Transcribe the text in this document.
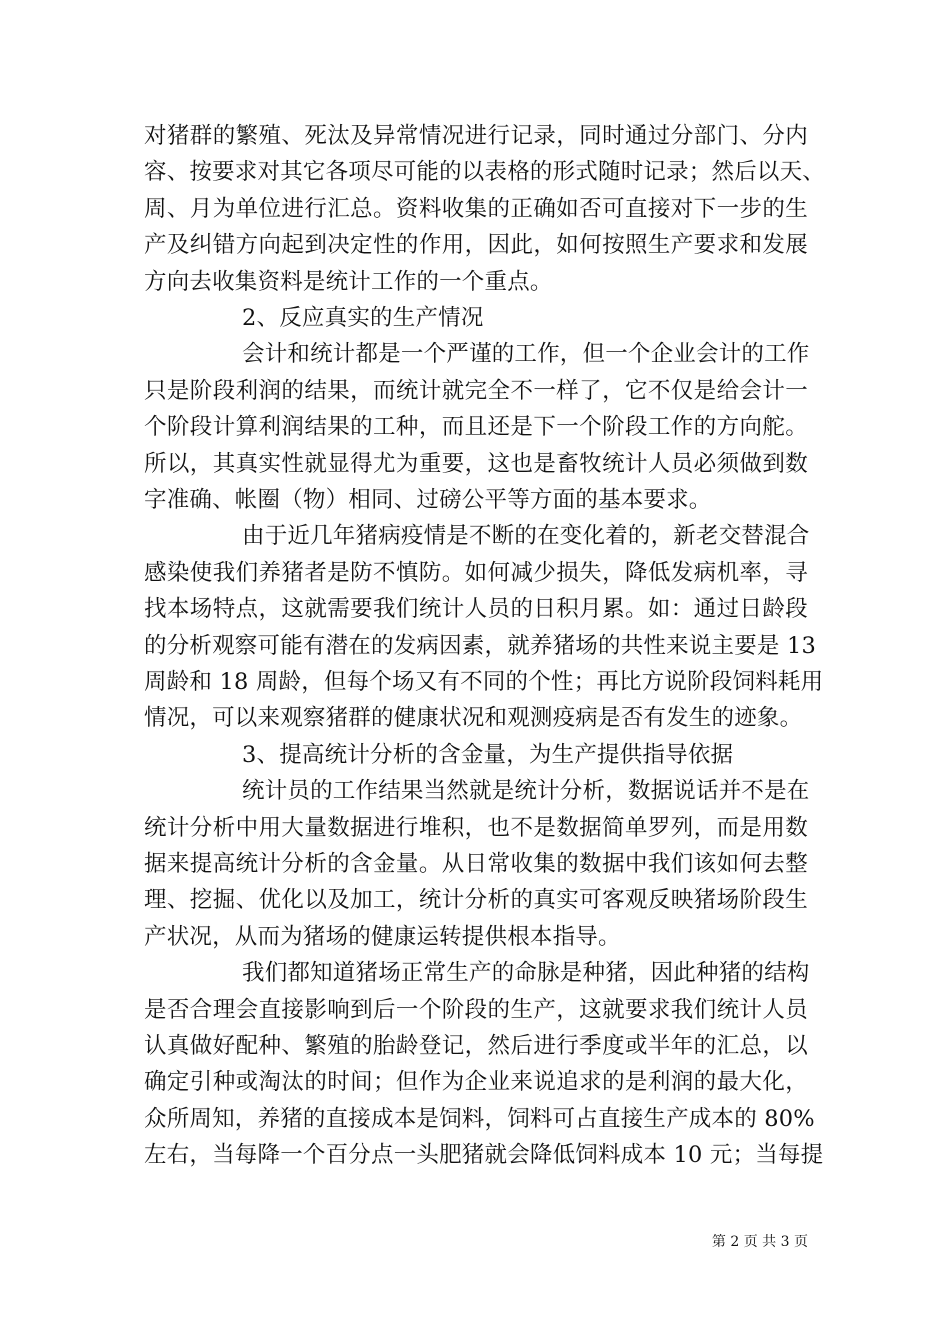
对猪群的繁殖、死汰及异常情况进行记录，同时通过分部门、分内
容、按要求对其它各项尽可能的以表格的形式随时记录；然后以天、
周、月为单位进行汇总。资料收集的正确如否可直接对下一步的生
产及纠错方向起到决定性的作用，因此，如何按照生产要求和发展
方向去收集资料是统计工作的一个重点。
2、反应真实的生产情况
会计和统计都是一个严谨的工作，但一个企业会计的工作
只是阶段利润的结果，而统计就完全不一样了，它不仅是给会计一
个阶段计算利润结果的工种，而且还是下一个阶段工作的方向舵。
所以，其真实性就显得尤为重要，这也是畜牧统计人员必须做到数
字准确、帐圈（物）相同、过磅公平等方面的基本要求。
由于近几年猪病疫情是不断的在变化着的，新老交替混合
感染使我们养猪者是防不慎防。如何减少损失，降低发病机率，寻
找本场特点，这就需要我们统计人员的日积月累。如：通过日龄段
的分析观察可能有潜在的发病因素，就养猪场的共性来说主要是 13
周龄和 18 周龄，但每个场又有不同的个性；再比方说阶段饲料耗用
情况，可以来观察猪群的健康状况和观测疫病是否有发生的迹象。
3、提高统计分析的含金量，为生产提供指导依据
统计员的工作结果当然就是统计分析，数据说话并不是在
统计分析中用大量数据进行堆积，也不是数据简单罗列，而是用数
据来提高统计分析的含金量。从日常收集的数据中我们该如何去整
理、挖掘、优化以及加工，统计分析的真实可客观反映猪场阶段生
产状况，从而为猪场的健康运转提供根本指导。
我们都知道猪场正常生产的命脉是种猪，因此种猪的结构
是否合理会直接影响到后一个阶段的生产，这就要求我们统计人员
认真做好配种、繁殖的胎龄登记，然后进行季度或半年的汇总，以
确定引种或淘汰的时间；但作为企业来说追求的是利润的最大化，
众所周知，养猪的直接成本是饲料，饲料可占直接生产成本的 80%
左右，当每降一个百分点一头肥猪就会降低饲料成本 10 元；当每提
第 2 页 共 3 页
